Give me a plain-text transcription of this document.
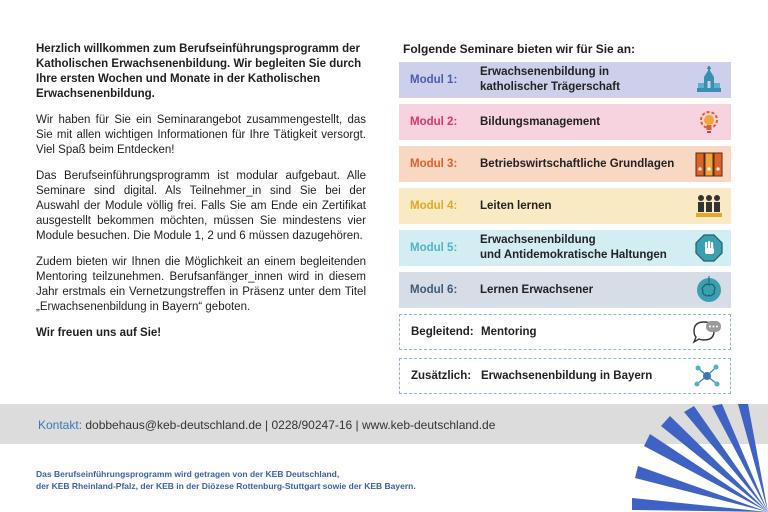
Herzlich willkommen zum Berufseinführungsprogramm der Katholischen Erwachsenenbildung. Wir begleiten Sie durch Ihre ersten Wochen und Monate in der Katholischen Erwachsenenbildung.

Wir haben für Sie ein Seminarangebot zusammengestellt, das Sie mit allen wichtigen Informationen für Ihre Tätigkeit versorgt. Viel Spaß beim Entdecken!

Das Berufseinführungsprogramm ist modular aufgebaut. Alle Seminare sind digital. Als Teilnehmer_in sind Sie bei der Auswahl der Module völlig frei. Falls Sie am Ende ein Zertifikat ausgestellt bekommen möchten, müssen Sie mindestens vier Module besuchen. Die Module 1, 2 und 6 müssen dazugehören.

Zudem bieten wir Ihnen die Möglichkeit an einem begleitenden Mentoring teilzunehmen. Berufsanfänger_innen wird in diesem Jahr erstmals ein Vernetzungstreffen in Präsenz unter dem Titel „Erwachsenenbildung in Bayern“ geboten.

Wir freuen uns auf Sie!

Folgende Seminare bieten wir für Sie an:
Modul 1:
Erwachsenenbildung in
katholischer Trägerschaft
Modul 2: Bildungsmanagement
Modul 3: Betriebswirtschaftliche Grundlagen
Modul 4: Leiten lernen
Modul 5:
Erwachsenenbildung
und Antidemokratische Haltungen
Modul 6: Lernen Erwachsener
Begleitend: Mentoring
Zusätzlich: Erwachsenenbildung in Bayern
Kontakt: dobbehaus@keb-deutschland.de | 0228/90247-16 | www.keb-deutschland.de
Das Berufseinführungsprogramm wird getragen von der KEB Deutschland,
der KEB Rheinland-Pfalz, der KEB in der Diözese Rottenburg-Stuttgart sowie der KEB Bayern.
